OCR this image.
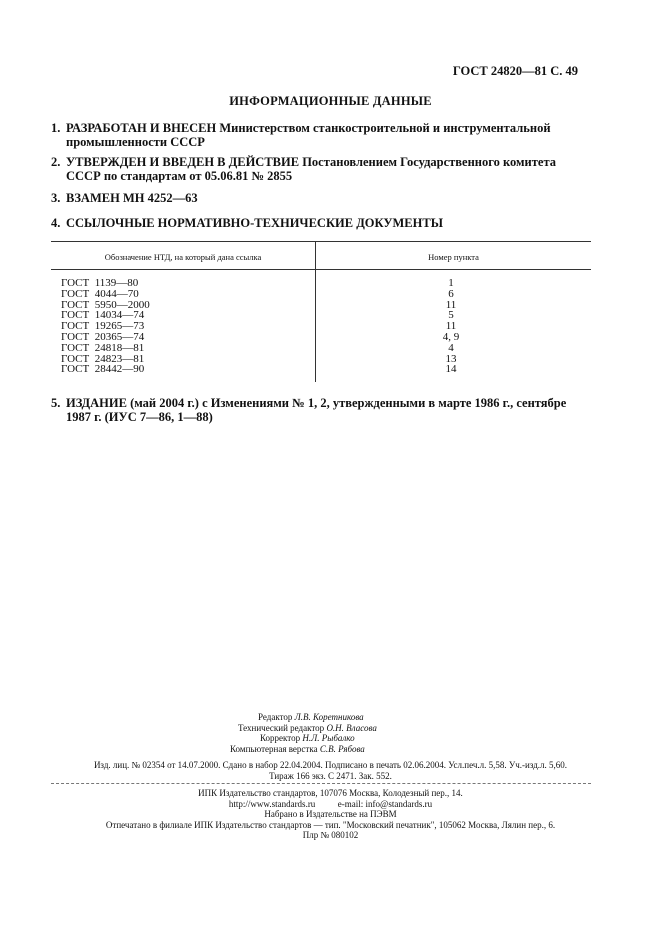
ГОСТ 24820—81 С. 49
ИНФОРМАЦИОННЫЕ ДАННЫЕ
1. РАЗРАБОТАН И ВНЕСЕН Министерством станкостроительной и инструментальной промышленности СССР
2. УТВЕРЖДЕН И ВВЕДЕН В ДЕЙСТВИЕ Постановлением Государственного комитета СССР по стандартам от 05.06.81 № 2855
3. ВЗАМЕН МН 4252—63
4. ССЫЛОЧНЫЕ НОРМАТИВНО-ТЕХНИЧЕСКИЕ ДОКУМЕНТЫ
Обозначение НТД, на который дана ссылка	Номер пункта
ГОСТ  1139—80
ГОСТ  4044—70
ГОСТ  5950—2000
ГОСТ  14034—74
ГОСТ  19265—73
ГОСТ  20365—74
ГОСТ  24818—81
ГОСТ  24823—81
ГОСТ  28442—90
1
6
11
5
11
4, 9
4
13
14
5. ИЗДАНИЕ (май 2004 г.) с Изменениями № 1, 2, утвержденными в марте 1986 г., сентябре 1987 г. (ИУС 7—86, 1—88)
Редактор Л.В. Коретникова
Технический редактор О.Н. Власова
Корректор Н.Л. Рыбалко
Компьютерная верстка С.В. Рябова
Изд. лиц. № 02354 от 14.07.2000. Сдано в набор 22.04.2004. Подписано в печать 02.06.2004. Усл.печ.л. 5,58. Уч.-изд.л. 5,60.
Тираж 166 экз. С 2471. Зак. 552.
ИПК Издательство стандартов, 107076 Москва, Колодезный пер., 14.
http://www.standards.ru          e-mail: info@standards.ru
Набрано в Издательстве на ПЭВМ
Отпечатано в филиале ИПК Издательство стандартов — тип. "Московский печатник", 105062 Москва, Лялин пер., 6.
Плр № 080102
